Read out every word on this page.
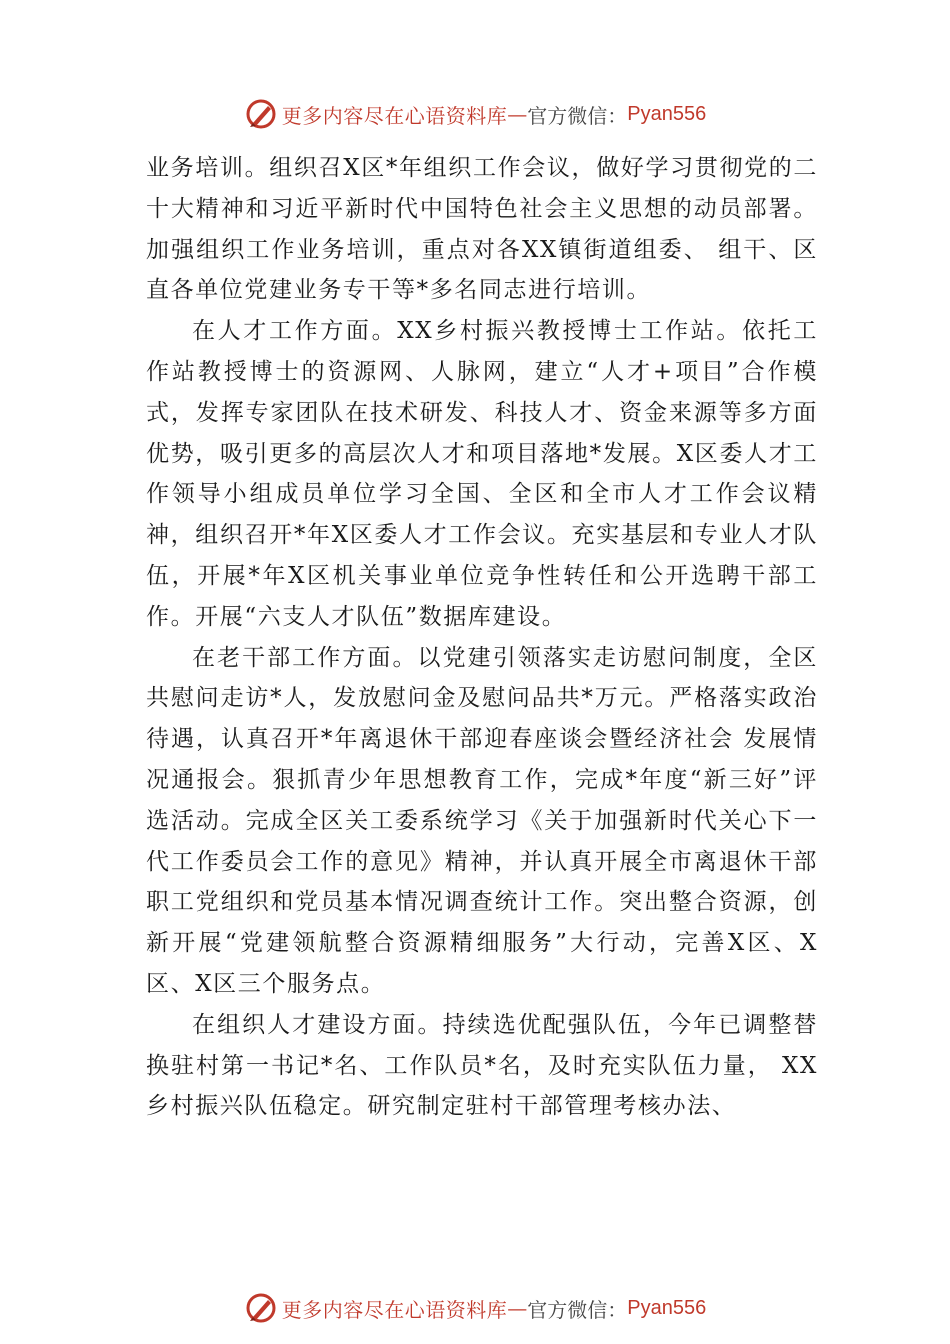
更多内容尽在心语资料库 — 官方微信： Pyan556

业务培训。组织召X区*年组织工作会议，做好学习贯彻党的二十大精神和习近平新时代中国特色社会主义思想的动员部署。加强组织工作业务培训，重点对各XX镇街道组委、 组干、区直各单位党建业务专干等*多名同志进行培训。

在人才工作方面。XX乡村振兴教授博士工作站。依托工作站教授博士的资源网、人脉网，建立“人才+项目”合作模式，发挥专家团队在技术研发、科技人才、资金来源等多方面优势，吸引更多的高层次人才和项目落地*发展。X区委人才工作领导小组成员单位学习全国、全区和全市人才工作会议精神，组织召开*年X区委人才工作会议。充实基层和专业人才队伍，开展*年X区机关事业单位竞争性转任和公开选聘干部工作。开展“六支人才队伍”数据库建设。

在老干部工作方面。以党建引领落实走访慰问制度，全区共慰问走访*人，发放慰问金及慰问品共*万元。严格落实政治待遇，认真召开*年离退休干部迎春座谈会暨经济社会 发展情况通报会。狠抓青少年思想教育工作，完成*年度“新三好”评选活动。完成全区关工委系统学习《关于加强新时代关心下一代工作委员会工作的意见》精神，并认真开展全市离退休干部职工党组织和党员基本情况调查统计工作。突出整合资源，创新开展“党建领航整合资源精细服务”大行动，完善X区、X区、X区三个服务点。

在组织人才建设方面。持续选优配强队伍，今年已调整替换驻村第一书记*名、工作队员*名，及时充实队伍力量， XX乡村振兴队伍稳定。研究制定驻村干部管理考核办法、

更多内容尽在心语资料库 — 官方微信： Pyan556
